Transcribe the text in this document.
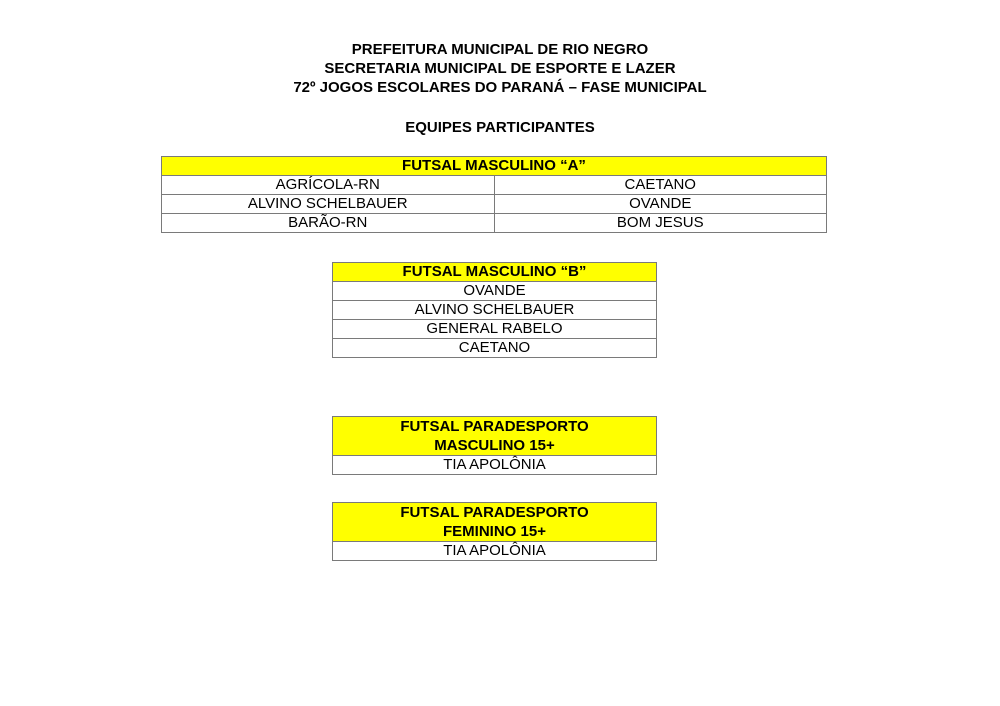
PREFEITURA MUNICIPAL DE RIO NEGRO
SECRETARIA MUNICIPAL DE ESPORTE E LAZER
72º JOGOS ESCOLARES DO PARANÁ – FASE MUNICIPAL
EQUIPES PARTICIPANTES
FUTSAL MASCULINO “A”	
AGRÍCOLA-RN	CAETANO
ALVINO SCHELBAUER	OVANDE
BARÃO-RN	BOM JESUS
FUTSAL MASCULINO “B”
OVANDE
ALVINO SCHELBAUER
GENERAL RABELO
CAETANO
FUTSAL PARADESPORTO
MASCULINO 15+
TIA APOLÔNIA
FUTSAL PARADESPORTO
FEMININO 15+
TIA APOLÔNIA
